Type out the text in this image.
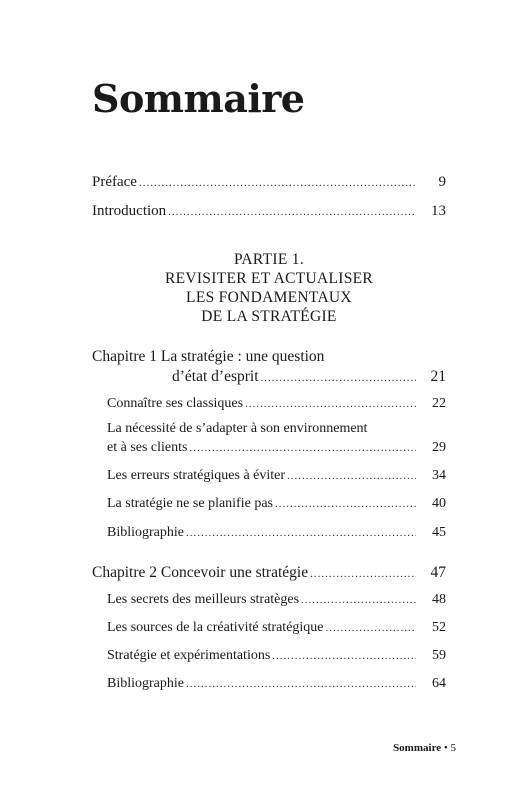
Sommaire
Préface .....	9
Introduction .....	13
PARTIE 1.
REVISITER ET ACTUALISER
LES FONDAMENTAUX
DE LA STRATÉGIE
Chapitre 1 La stratégie : une question
d’état d’esprit .....	21
Connaître ses classiques .....	22
La nécessité de s’adapter à son environnement
et à ses clients .....	29
Les erreurs stratégiques à éviter .....	34
La stratégie ne se planifie pas .....	40
Bibliographie .....	45
Chapitre 2 Concevoir une stratégie .....	47
Les secrets des meilleurs stratèges .....	48
Les sources de la créativité stratégique .....	52
Stratégie et expérimentations .....	59
Bibliographie .....	64
Sommaire • 5
